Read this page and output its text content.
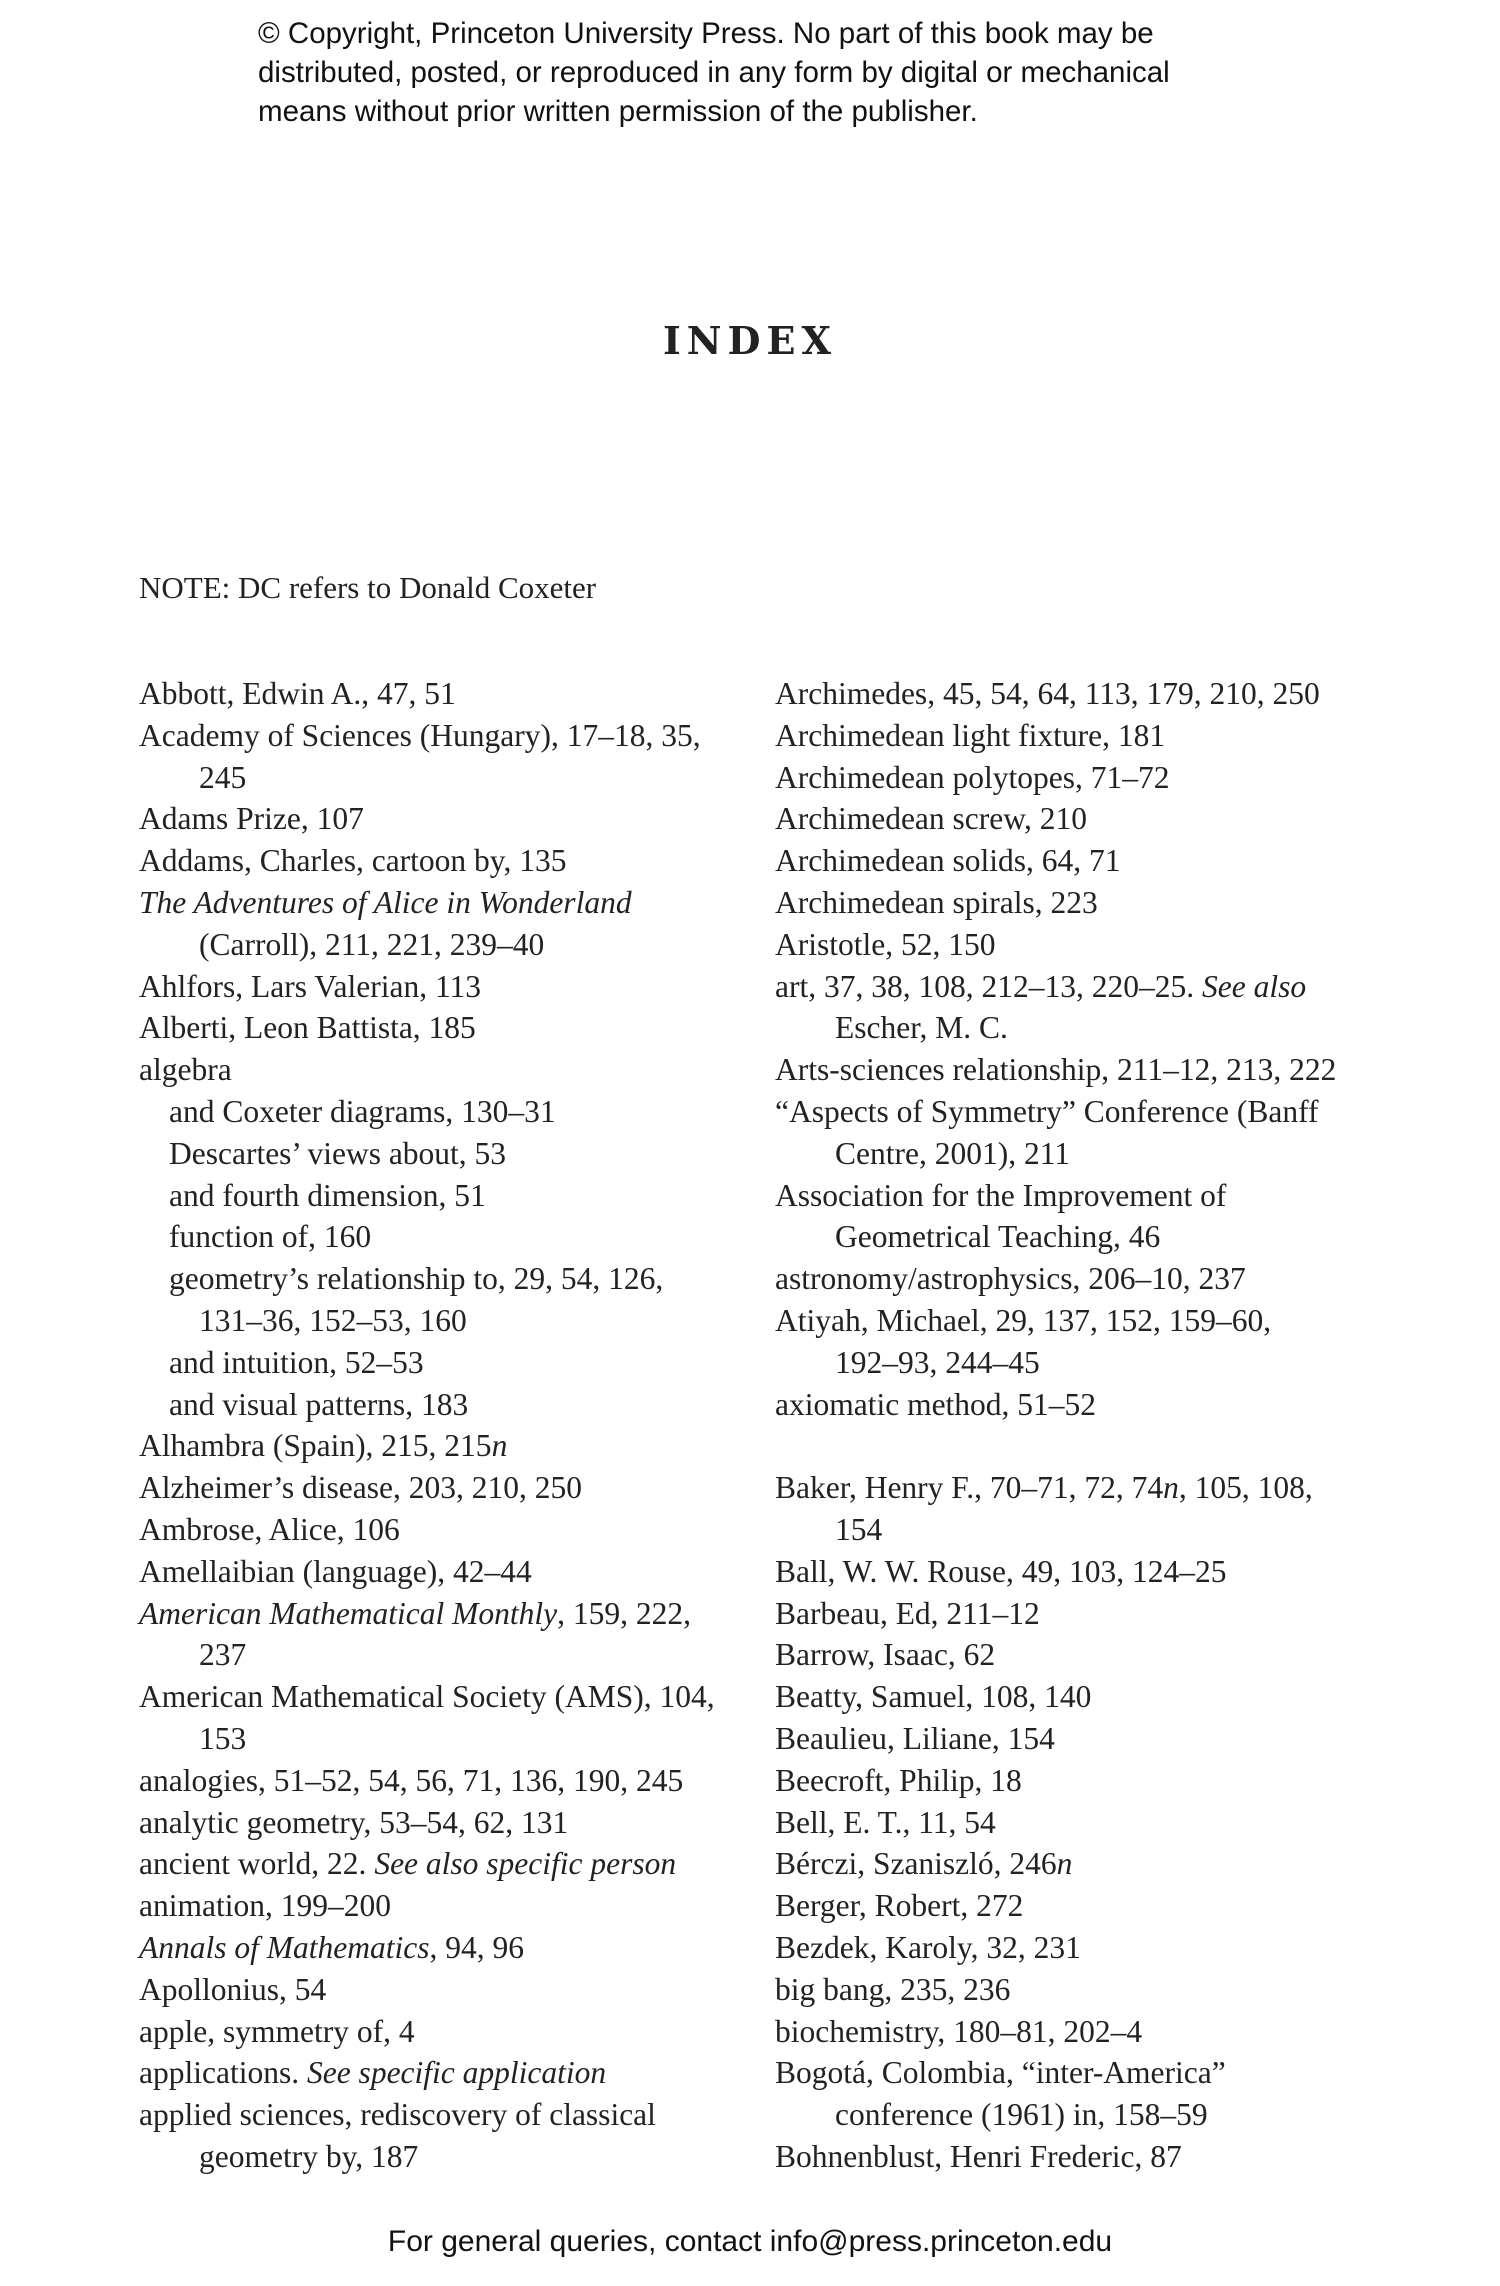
© Copyright, Princeton University Press. No part of this book may be
distributed, posted, or reproduced in any form by digital or mechanical
means without prior written permission of the publisher.
INDEX
NOTE: DC refers to Donald Coxeter
Abbott, Edwin A., 47, 51
Academy of Sciences (Hungary), 17–18, 35,
245
Adams Prize, 107
Addams, Charles, cartoon by, 135
The Adventures of Alice in Wonderland
(Carroll), 211, 221, 239–40
Ahlfors, Lars Valerian, 113
Alberti, Leon Battista, 185
algebra
and Coxeter diagrams, 130–31
Descartes’ views about, 53
and fourth dimension, 51
function of, 160
geometry’s relationship to, 29, 54, 126,
131–36, 152–53, 160
and intuition, 52–53
and visual patterns, 183
Alhambra (Spain), 215, 215n
Alzheimer’s disease, 203, 210, 250
Ambrose, Alice, 106
Amellaibian (language), 42–44
American Mathematical Monthly, 159, 222,
237
American Mathematical Society (AMS), 104,
153
analogies, 51–52, 54, 56, 71, 136, 190, 245
analytic geometry, 53–54, 62, 131
ancient world, 22. See also specific person
animation, 199–200
Annals of Mathematics, 94, 96
Apollonius, 54
apple, symmetry of, 4
applications. See specific application
applied sciences, rediscovery of classical
geometry by, 187
Archimedes, 45, 54, 64, 113, 179, 210, 250
Archimedean light fixture, 181
Archimedean polytopes, 71–72
Archimedean screw, 210
Archimedean solids, 64, 71
Archimedean spirals, 223
Aristotle, 52, 150
art, 37, 38, 108, 212–13, 220–25. See also
Escher, M. C.
Arts-sciences relationship, 211–12, 213, 222
“Aspects of Symmetry” Conference (Banff
Centre, 2001), 211
Association for the Improvement of
Geometrical Teaching, 46
astronomy/astrophysics, 206–10, 237
Atiyah, Michael, 29, 137, 152, 159–60,
192–93, 244–45
axiomatic method, 51–52
Baker, Henry F., 70–71, 72, 74n, 105, 108,
154
Ball, W. W. Rouse, 49, 103, 124–25
Barbeau, Ed, 211–12
Barrow, Isaac, 62
Beatty, Samuel, 108, 140
Beaulieu, Liliane, 154
Beecroft, Philip, 18
Bell, E. T., 11, 54
Bérczi, Szaniszló, 246n
Berger, Robert, 272
Bezdek, Karoly, 32, 231
big bang, 235, 236
biochemistry, 180–81, 202–4
Bogotá, Colombia, “inter-America”
conference (1961) in, 158–59
Bohnenblust, Henri Frederic, 87
For general queries, contact info@press.princeton.edu
